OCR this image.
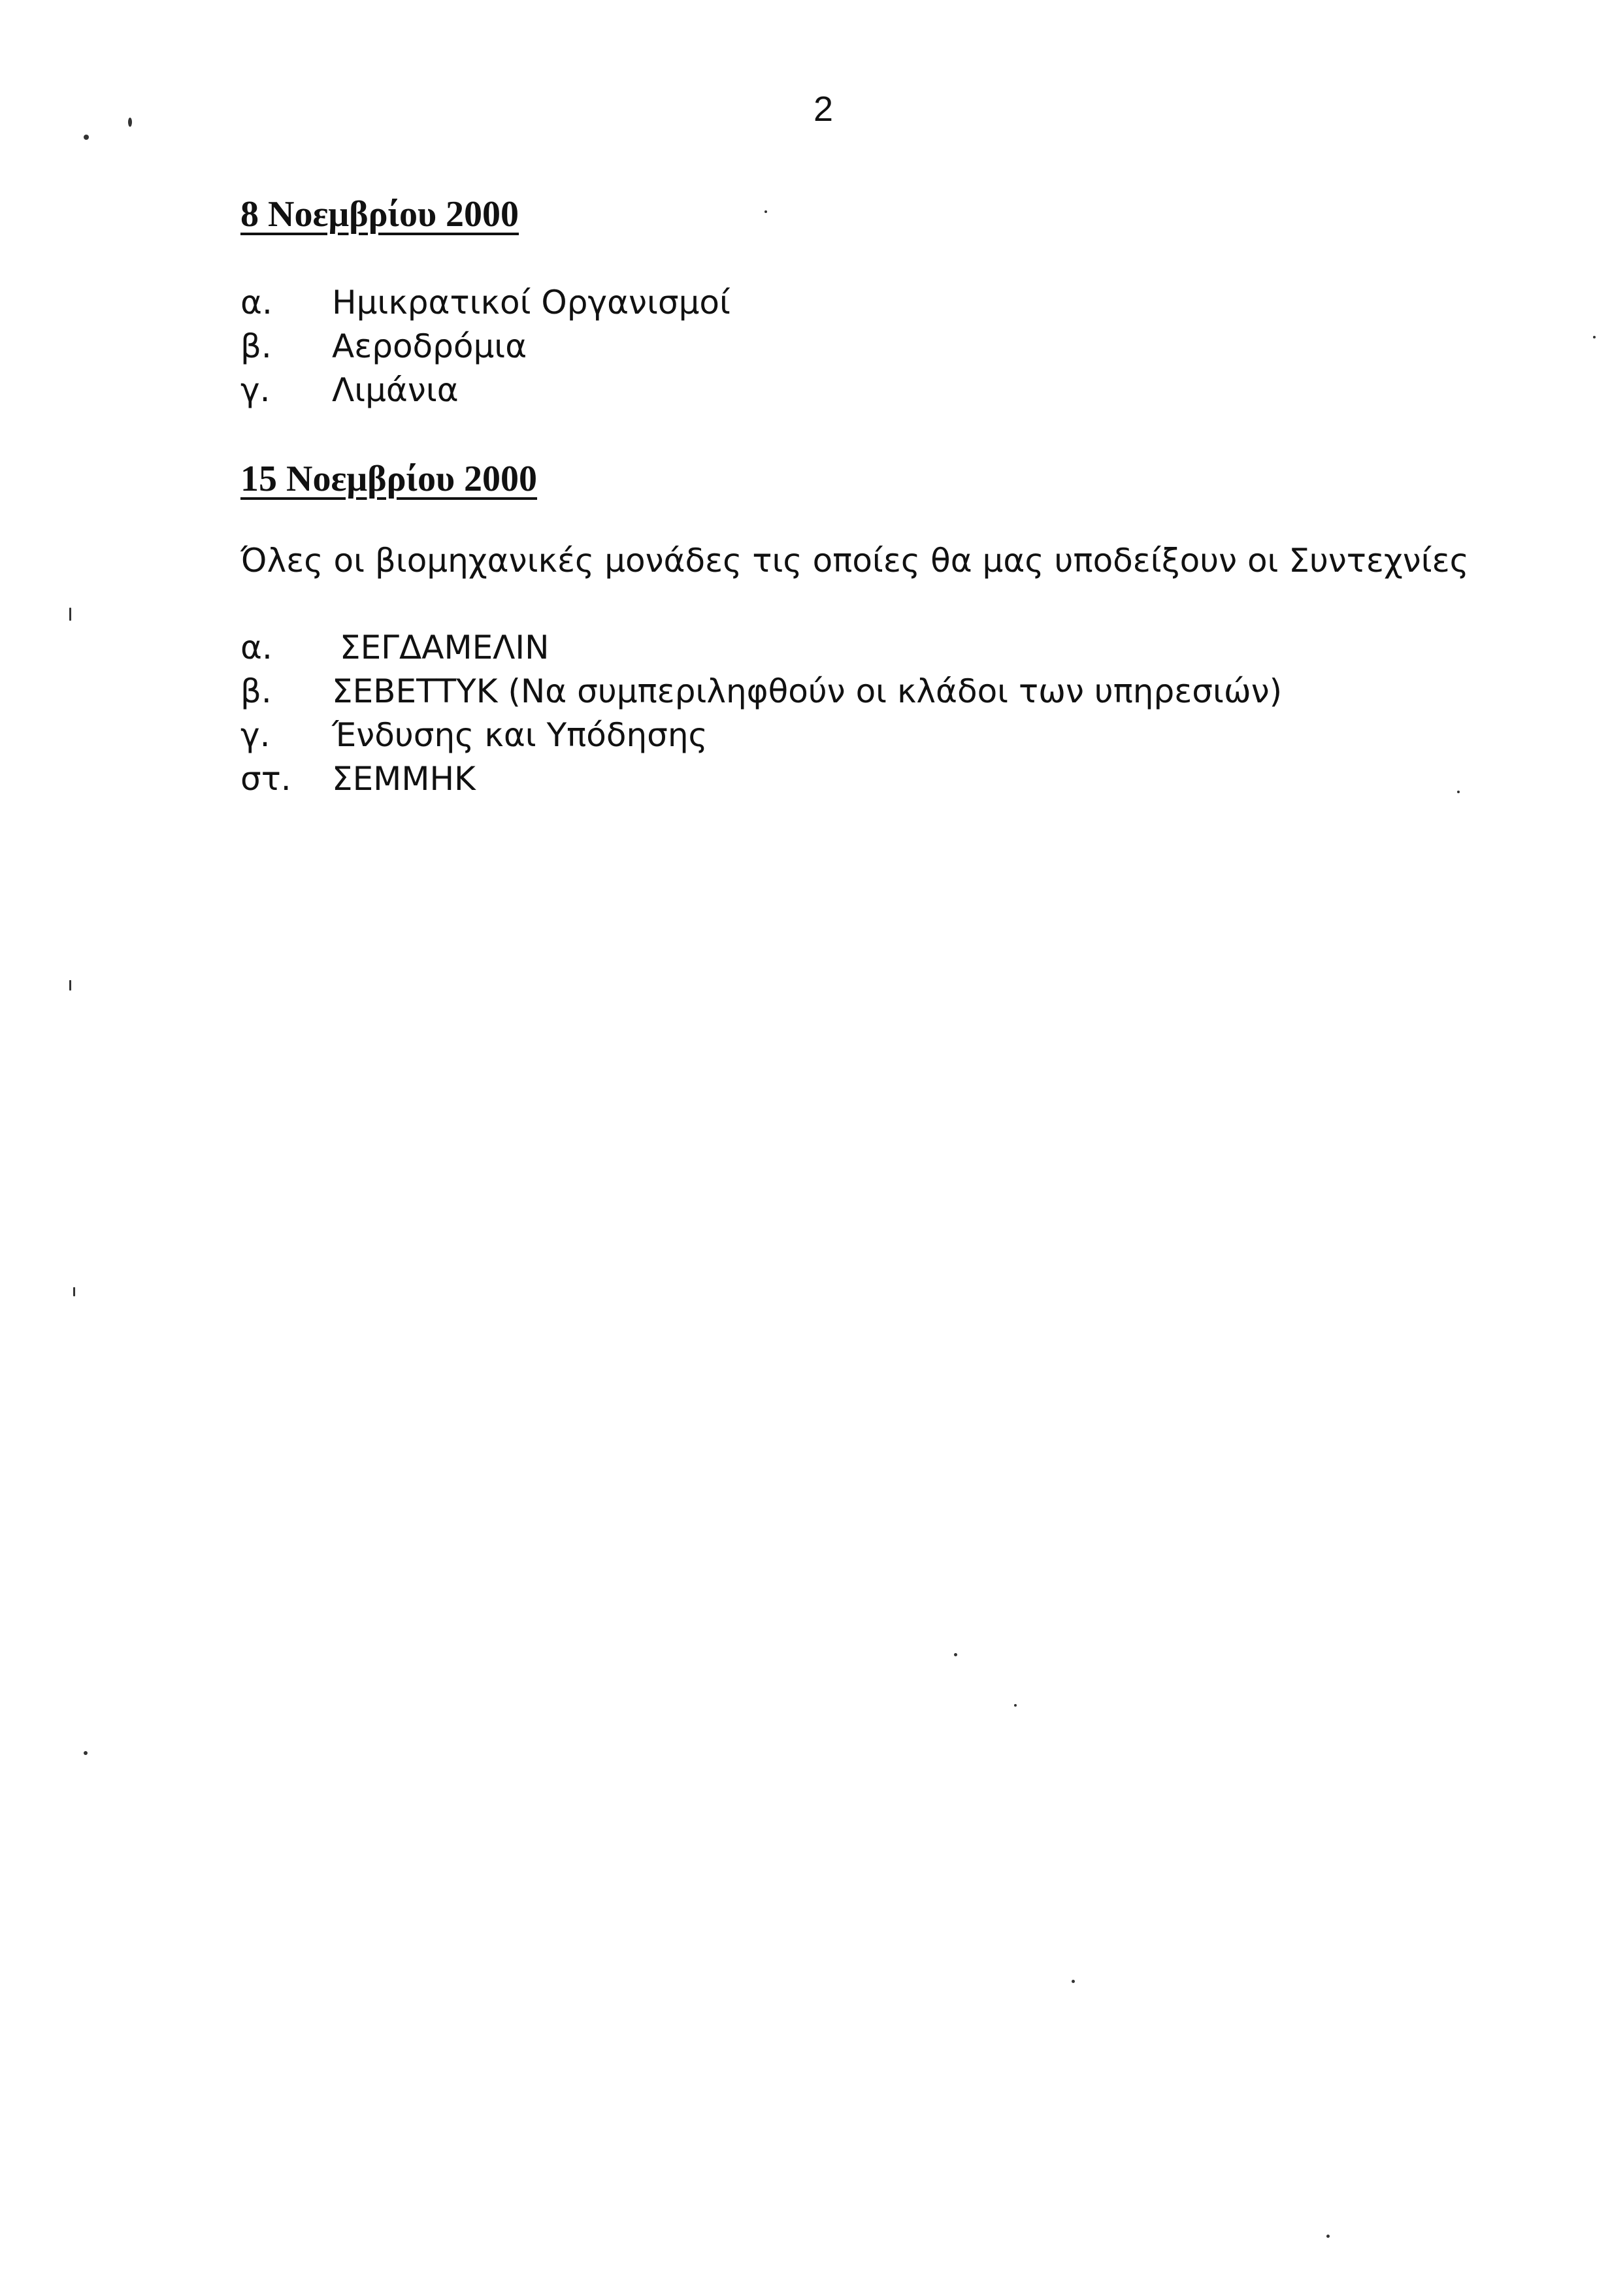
2
8 Νοεμβρίου 2000
α. Ημικρατικοί Οργανισμοί
β. Αεροδρόμια
γ. Λιμάνια
15 Νοεμβρίου 2000
Όλες οι βιομηχανικές μονάδες τις οποίες θα μας υποδείξουν οι Συντεχνίες
α. ΣΕΓΔΑΜΕΛΙΝ
β. ΣΕΒΕΤΤΥΚ (Να συμπεριληφθούν οι κλάδοι των υπηρεσιών)
γ. Ένδυσης και Υπόδησης
στ. ΣΕΜΜΗΚ
